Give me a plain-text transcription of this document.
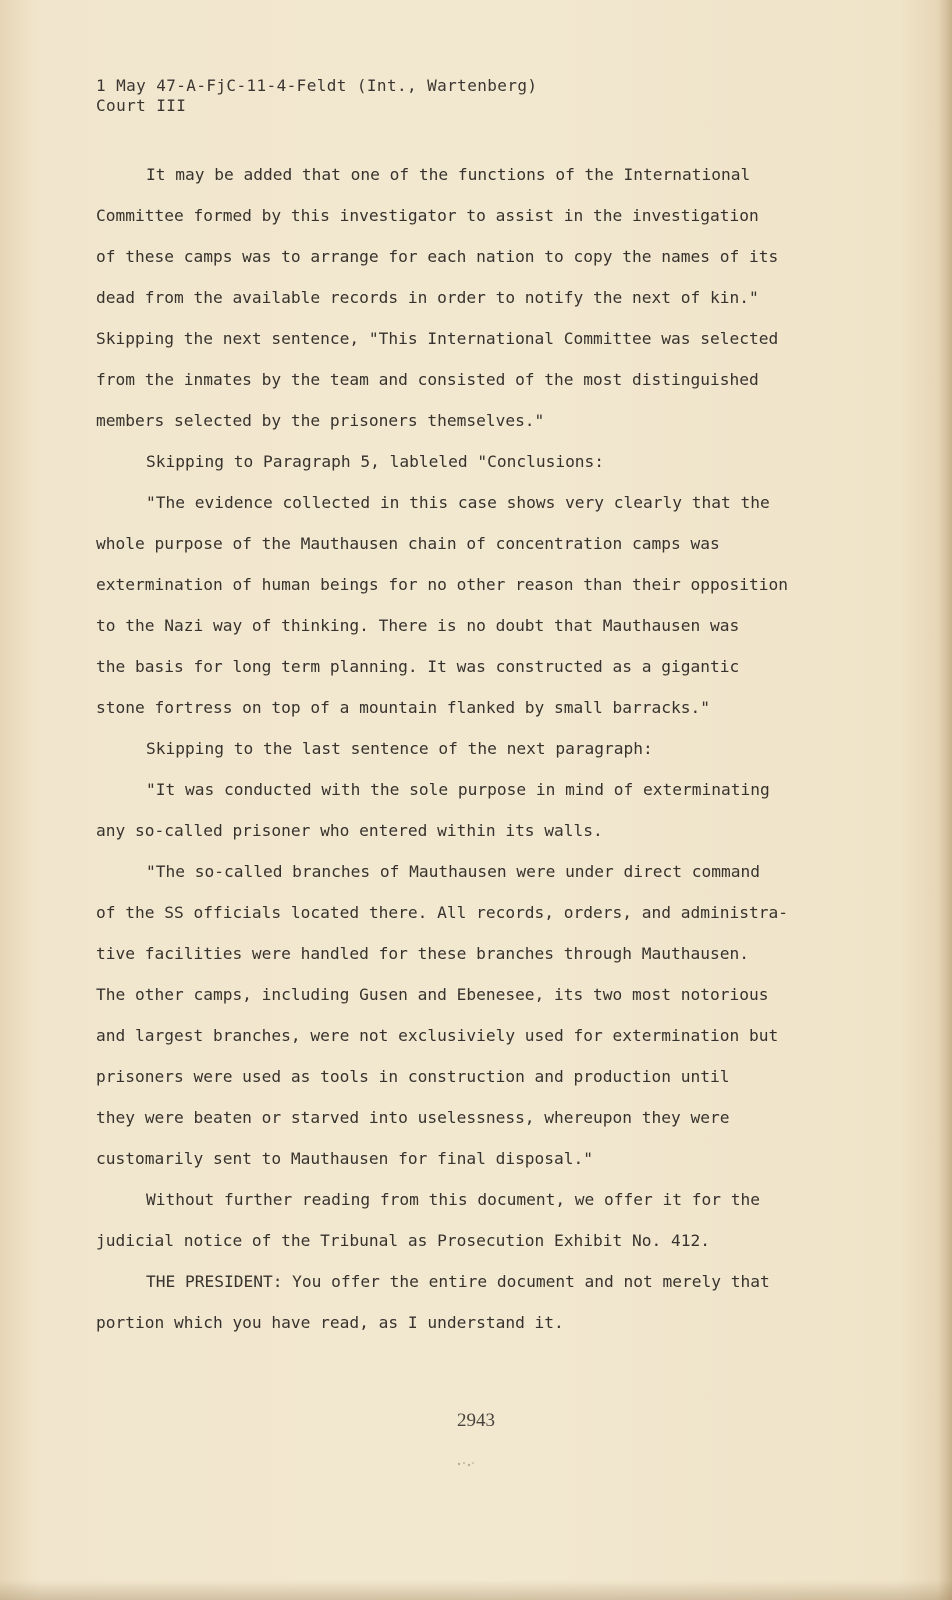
1 May 47-A-FjC-11-4-Feldt (Int., Wartenberg)
Court III
It may be added that one of the functions of the International
Committee formed by this investigator to assist in the investigation
of these camps was to arrange for each nation to copy the names of its
dead from the available records in order to notify the next of kin."
Skipping the next sentence, "This International Committee was selected
from the inmates by the team and consisted of the most distinguished
members selected by the prisoners themselves."
Skipping to Paragraph 5, lableled "Conclusions:
"The evidence collected in this case shows very clearly that the
whole purpose of the Mauthausen chain of concentration camps was
extermination of human beings for no other reason than their opposition
to the Nazi way of thinking. There is no doubt that Mauthausen was
the basis for long term planning. It was constructed as a gigantic
stone fortress on top of a mountain flanked by small barracks."
Skipping to the last sentence of the next paragraph:
"It was conducted with the sole purpose in mind of exterminating
any so-called prisoner who entered within its walls.
"The so-called branches of Mauthausen were under direct command
of the SS officials located there. All records, orders, and administra-
tive facilities were handled for these branches through Mauthausen.
The other camps, including Gusen and Ebenesee, its two most notorious
and largest branches, were not exclusiviely used for extermination but
prisoners were used as tools in construction and production until
they were beaten or starved into uselessness, whereupon they were
customarily sent to Mauthausen for final disposal."
Without further reading from this document, we offer it for the
judicial notice of the Tribunal as Prosecution Exhibit No. 412.
THE PRESIDENT: You offer the entire document and not merely that
portion which you have read, as I understand it.
2943
